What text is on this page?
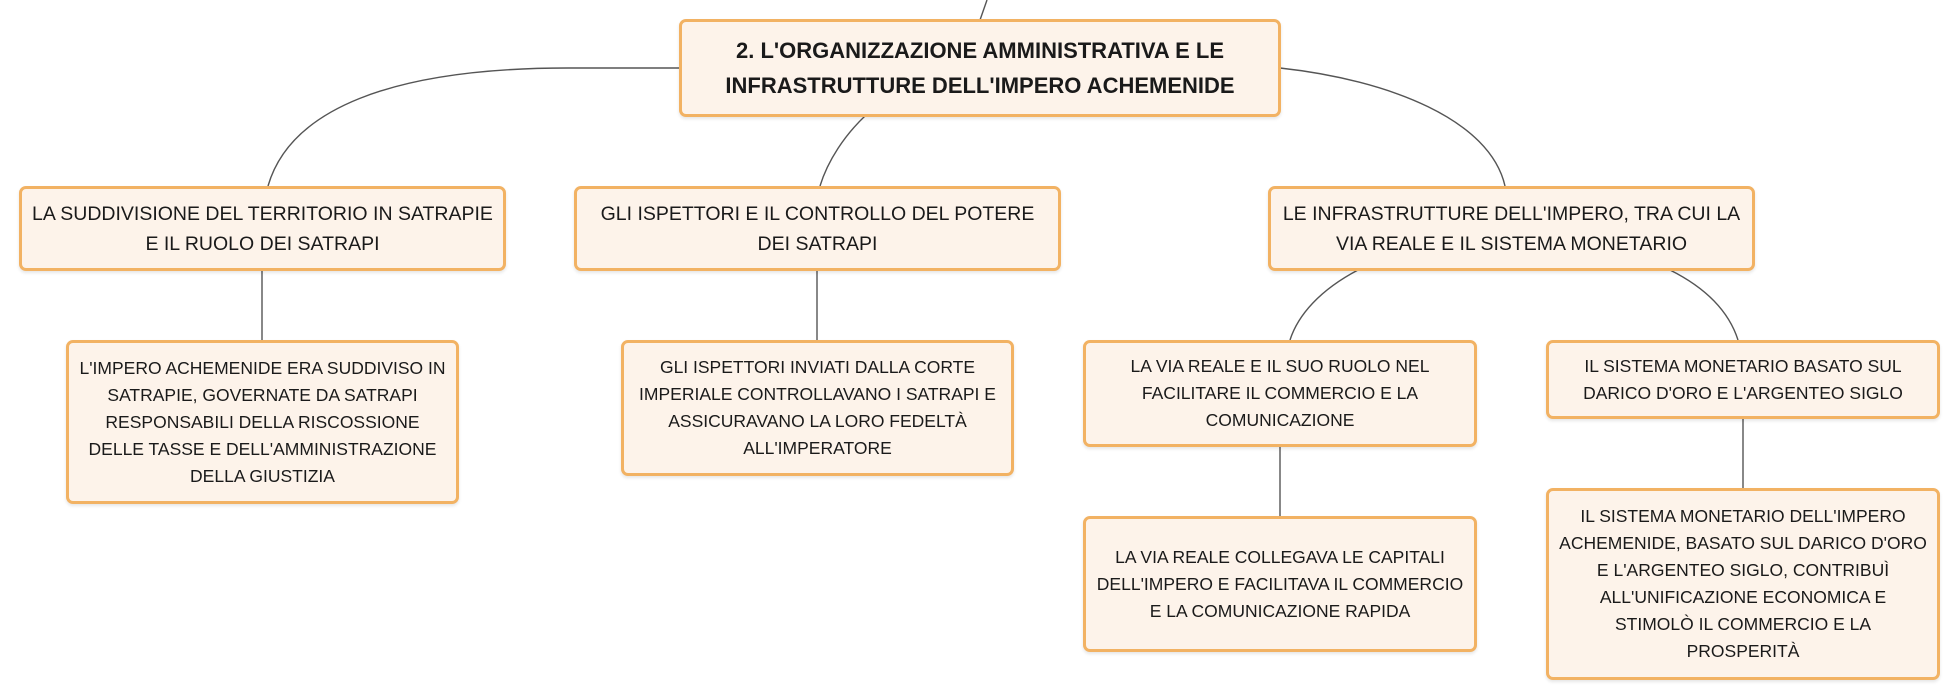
2. L'ORGANIZZAZIONE AMMINISTRATIVA E LE INFRASTRUTTURE DELL'IMPERO ACHEMENIDE
LA SUDDIVISIONE DEL TERRITORIO IN SATRAPIE E IL RUOLO DEI SATRAPI
GLI ISPETTORI E IL CONTROLLO DEL POTERE DEI SATRAPI
LE INFRASTRUTTURE DELL'IMPERO, TRA CUI LA VIA REALE E IL SISTEMA MONETARIO
L'IMPERO ACHEMENIDE ERA SUDDIVISO IN SATRAPIE, GOVERNATE DA SATRAPI RESPONSABILI DELLA RISCOSSIONE DELLE TASSE E DELL'AMMINISTRAZIONE DELLA GIUSTIZIA
GLI ISPETTORI INVIATI DALLA CORTE IMPERIALE CONTROLLAVANO I SATRAPI E ASSICURAVANO LA LORO FEDELTÀ ALL'IMPERATORE
LA VIA REALE E IL SUO RUOLO NEL FACILITARE IL COMMERCIO E LA COMUNICAZIONE
IL SISTEMA MONETARIO BASATO SUL DARICO D'ORO E L'ARGENTEO SIGLO
LA VIA REALE COLLEGAVA LE CAPITALI DELL'IMPERO E FACILITAVA IL COMMERCIO E LA COMUNICAZIONE RAPIDA
IL SISTEMA MONETARIO DELL'IMPERO ACHEMENIDE, BASATO SUL DARICO D'ORO E L'ARGENTEO SIGLO, CONTRIBUÌ ALL'UNIFICAZIONE ECONOMICA E STIMOLÒ IL COMMERCIO E LA PROSPERITÀ
